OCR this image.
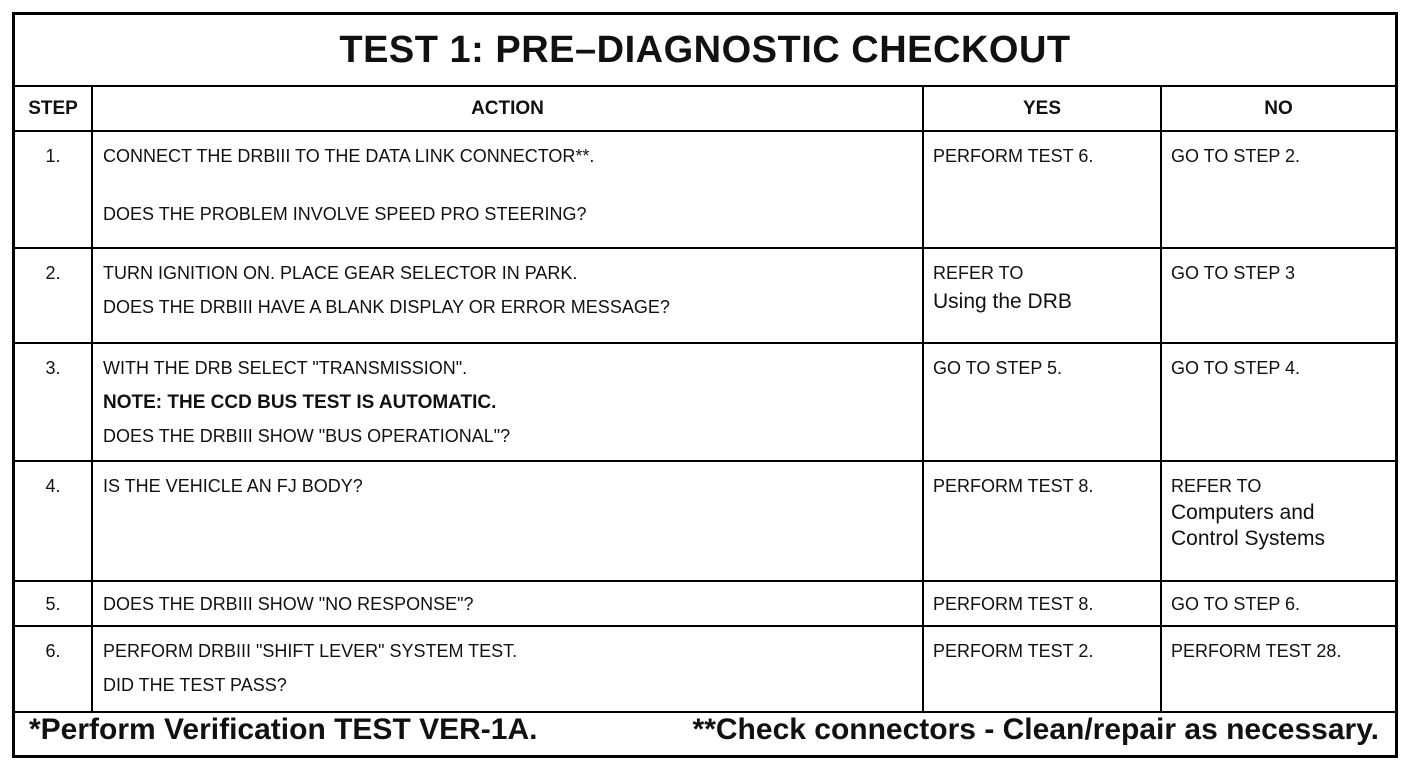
TEST 1: PRE–DIAGNOSTIC CHECKOUT
STEP	ACTION	YES	NO
1.	CONNECT THE DRBIII TO THE DATA LINK CONNECTOR**.
DOES THE PROBLEM INVOLVE SPEED PRO STEERING?	PERFORM TEST 6.	GO TO STEP 2.

2.	TURN IGNITION ON. PLACE GEAR SELECTOR IN PARK.
DOES THE DRBIII HAVE A BLANK DISPLAY OR ERROR MESSAGE?	REFER TO
Using the DRB	GO TO STEP 3

3.	WITH THE DRB SELECT "TRANSMISSION".
NOTE: THE CCD BUS TEST IS AUTOMATIC.
DOES THE DRBIII SHOW "BUS OPERATIONAL"?	GO TO STEP 5.	GO TO STEP 4.

4.	IS THE VEHICLE AN FJ BODY?	PERFORM TEST 8.	REFER TO
Computers and
Control Systems

5.	DOES THE DRBIII SHOW "NO RESPONSE"?	PERFORM TEST 8.	GO TO STEP 6.

6.	PERFORM DRBIII "SHIFT LEVER" SYSTEM TEST.
DID THE TEST PASS?	PERFORM TEST 2.	PERFORM TEST 28.
*Perform Verification TEST VER-1A.	**Check connectors - Clean/repair as necessary.
